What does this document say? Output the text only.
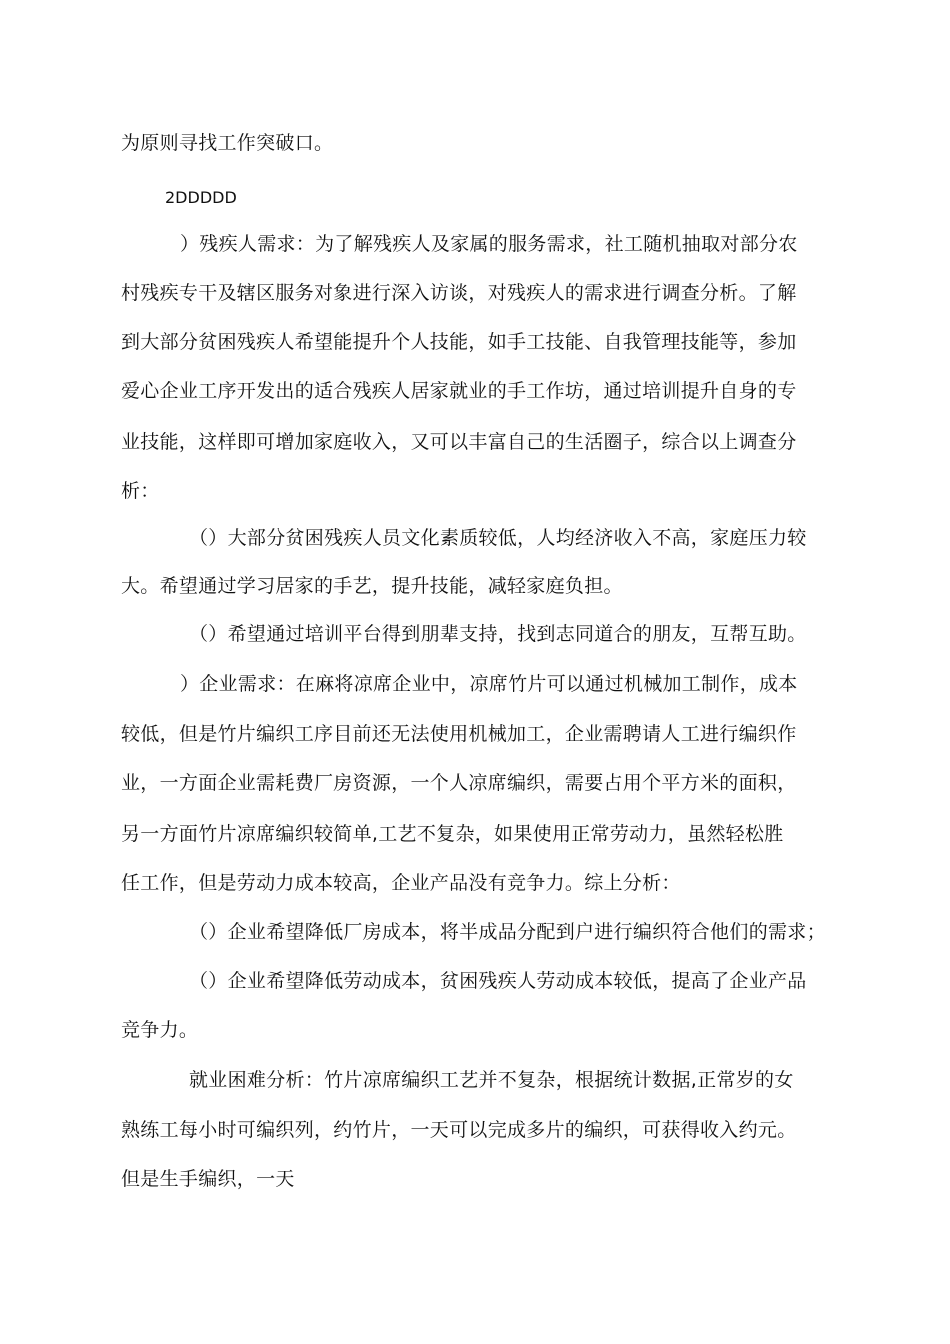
为原则寻找工作突破口。
2DDDDD
）残疾人需求：为了解残疾人及家属的服务需求，社工随机抽取对部分农
村残疾专干及辖区服务对象进行深入访谈，对残疾人的需求进行调查分析。了解
到大部分贫困残疾人希望能提升个人技能，如手工技能、自我管理技能等，参加
爱心企业工序开发出的适合残疾人居家就业的手工作坊，通过培训提升自身的专
业技能，这样即可增加家庭收入，又可以丰富自己的生活圈子，综合以上调查分
析：
（）大部分贫困残疾人员文化素质较低，人均经济收入不高，家庭压力较
大。希望通过学习居家的手艺，提升技能，减轻家庭负担。
（）希望通过培训平台得到朋辈支持，找到志同道合的朋友，互帮互助。
）企业需求：在麻将凉席企业中，凉席竹片可以通过机械加工制作，成本
较低，但是竹片编织工序目前还无法使用机械加工，企业需聘请人工进行编织作
业，一方面企业需耗费厂房资源，一个人凉席编织，需要占用个平方米的面积，
另一方面竹片凉席编织较简单,工艺不复杂，如果使用正常劳动力，虽然轻松胜
任工作，但是劳动力成本较高，企业产品没有竞争力。综上分析：
（）企业希望降低厂房成本，将半成品分配到户进行编织符合他们的需求；
（）企业希望降低劳动成本，贫困残疾人劳动成本较低，提高了企业产品
竞争力。
就业困难分析：竹片凉席编织工艺并不复杂，根据统计数据,正常岁的女
熟练工每小时可编织列，约竹片，一天可以完成多片的编织，可获得收入约元。
但是生手编织，一天
